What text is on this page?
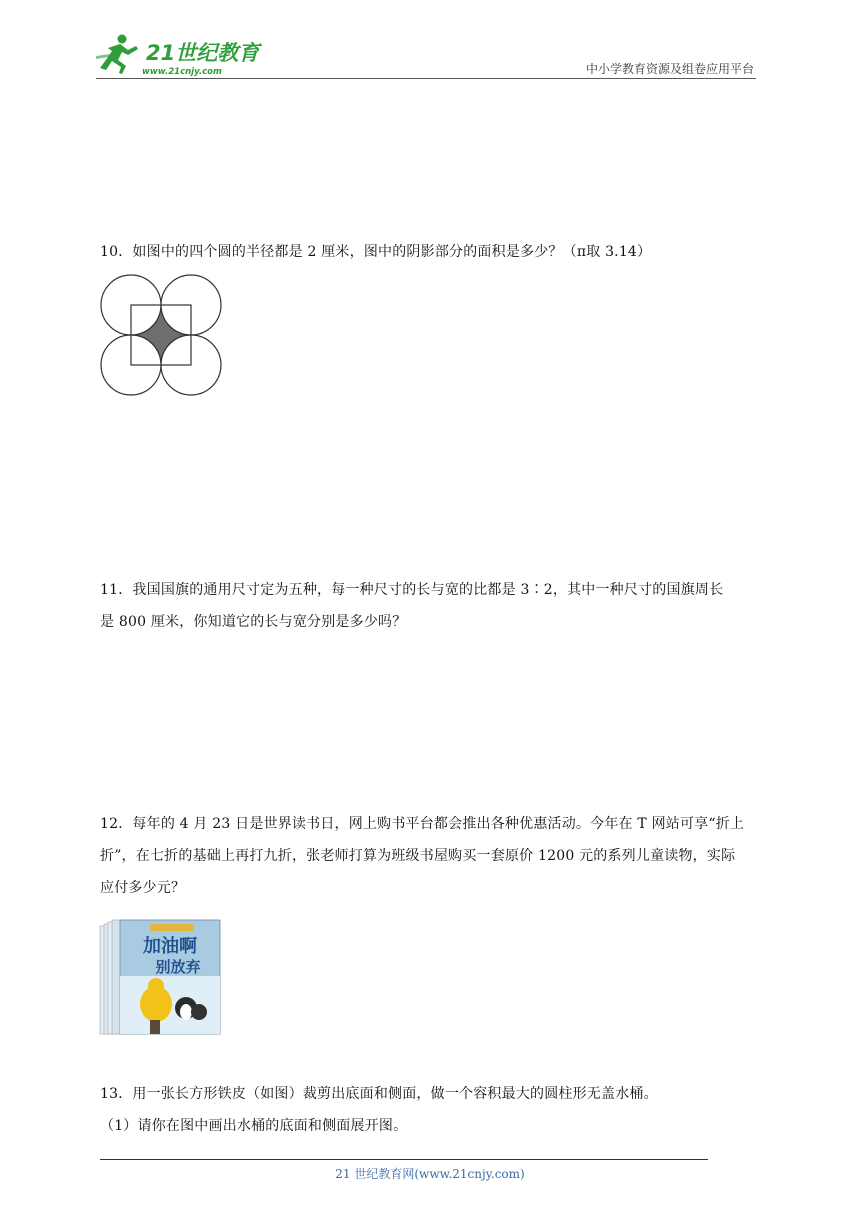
21世纪教育
www.21cnjy.com	中小学教育资源及组卷应用平台
10．如图中的四个圆的半径都是 2 厘米，图中的阴影部分的面积是多少？（π取 3.14）
11．我国国旗的通用尺寸定为五种，每一种尺寸的长与宽的比都是 3∶2，其中一种尺寸的国旗周长
是 800 厘米，你知道它的长与宽分别是多少吗？
12．每年的 4 月 23 日是世界读书日，网上购书平台都会推出各种优惠活动。今年在 T 网站可享“折上
折”，在七折的基础上再打九折，张老师打算为班级书屋购买一套原价 1200 元的系列儿童读物，实际
应付多少元？
加油啊
别放弃
13．用一张长方形铁皮（如图）裁剪出底面和侧面，做一个容积最大的圆柱形无盖水桶。
（1）请你在图中画出水桶的底面和侧面展开图。
21 世纪教育网(www.21cnjy.com)
